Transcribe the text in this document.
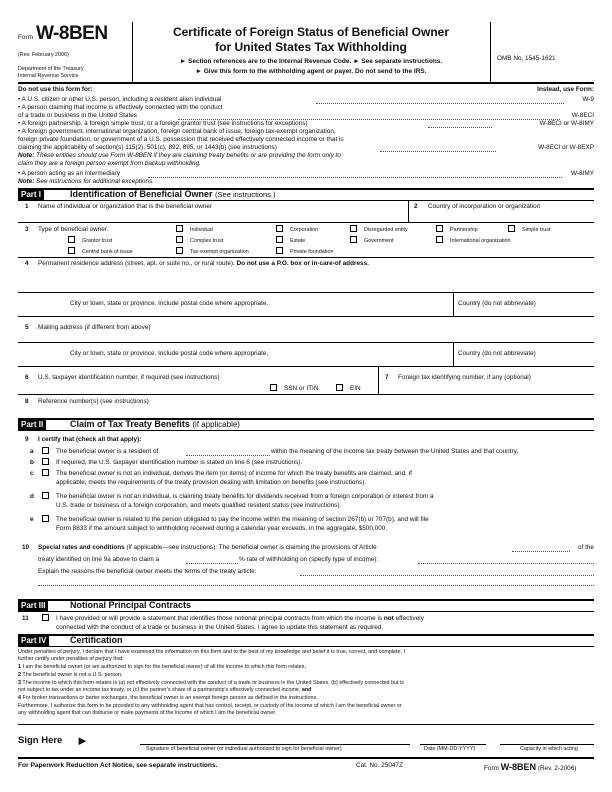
Form W-8BEN
(Rev. February 2006)
Department of the Treasury
Internal Revenue Service
Certificate of Foreign Status of Beneficial Owner
for United States Tax Withholding
► Section references are to the Internal Revenue Code. ► See separate instructions.
► Give this form to the withholding agent or payer. Do not send to the IRS.
OMB No. 1545-1621
Do not use this form for:	Instead, use Form:
• A U.S. citizen or other U.S. person, including a resident alien individual	W-9
• A person claiming that income is effectively connected with the conduct
of a trade or business in the United States	W-8ECI
• A foreign partnership, a foreign simple trust, or a foreign grantor trust (see instructions for exceptions)	W-8ECI or W-8IMY
• A foreign government, international organization, foreign central bank of issue, foreign tax-exempt organization,
foreign private foundation, or government of a U.S. possession that received effectively connected income or that is
claiming the applicability of section(s) 115(2), 501(c), 892, 895, or 1443(b) (see instructions)	W-8ECI or W-8EXP
Note: These entities should use Form W-8BEN if they are claiming treaty benefits or are providing the form only to
claim they are a foreign person exempt from backup withholding.
• A person acting as an intermediary	W-8IMY
Note: See instructions for additional exceptions.
Part I	Identification of Beneficial Owner (See instructions.)
1 Name of individual or organization that is the beneficial owner	2 Country of incorporation or organization
3 Type of beneficial owner:	Individual	Corporation	Disregarded entity	Partnership	Simple trust
Grantor trust	Complex trust	Estate	Government	International organization
Central bank of issue	Tax-exempt organization	Private foundation
4 Permanent residence address (street, apt. or suite no., or rural route). Do not use a P.O. box or in-care-of address.
City or town, state or province. Include postal code where appropriate.	Country (do not abbreviate)
5 Mailing address (if different from above)
City or town, state or province. Include postal code where appropriate.	Country (do not abbreviate)
6 U.S. taxpayer identification number, if required (see instructions)
SSN or ITIN	EIN
7 Foreign tax identifying number, if any (optional)
8 Reference number(s) (see instructions)
Part II	Claim of Tax Treaty Benefits (if applicable)
9 I certify that (check all that apply):
a	The beneficial owner is a resident of	within the meaning of the income tax treaty between the United States and that country.
b	If required, the U.S. taxpayer identification number is stated on line 6 (see instructions).
c	The beneficial owner is not an individual, derives the item (or items) of income for which the treaty benefits are claimed, and, if
applicable, meets the requirements of the treaty provision dealing with limitation on benefits (see instructions).
d	The beneficial owner is not an individual, is claiming treaty benefits for dividends received from a foreign corporation or interest from a
U.S. trade or business of a foreign corporation, and meets qualified resident status (see instructions).
e	The beneficial owner is related to the person obligated to pay the income within the meaning of section 267(b) or 707(b), and will file
Form 8833 if the amount subject to withholding received during a calendar year exceeds, in the aggregate, $500,000.
10 Special rates and conditions (if applicable—see instructions): The beneficial owner is claiming the provisions of Article	of the
treaty identified on line 9a above to claim a	% rate of withholding on (specify type of income):
Explain the reasons the beneficial owner meets the terms of the treaty article:
Part III	Notional Principal Contracts
11	I have provided or will provide a statement that identifies those notional principal contracts from which the income is not effectively
connected with the conduct of a trade or business in the United States. I agree to update this statement as required.
Part IV	Certification
Under penalties of perjury, I declare that I have examined the information on this form and to the best of my knowledge and belief it is true, correct, and complete. I
further certify under penalties of perjury that:
1 I am the beneficial owner (or am authorized to sign for the beneficial owner) of all the income to which this form relates,
2 The beneficial owner is not a U.S. person,
3 The income to which this form relates is (a) not effectively connected with the conduct of a trade or business in the United States, (b) effectively connected but is
not subject to tax under an income tax treaty, or (c) the partner's share of a partnership's effectively connected income, and
4 For broker transactions or barter exchanges, the beneficial owner is an exempt foreign person as defined in the instructions.
Furthermore, I authorize this form to be provided to any withholding agent that has control, receipt, or custody of the income of which I am the beneficial owner or
any withholding agent that can disburse or make payments of the income of which I am the beneficial owner.
Sign Here ►
Signature of beneficial owner (or individual authorized to sign for beneficial owner)	Date (MM-DD-YYYY)	Capacity in which acting
For Paperwork Reduction Act Notice, see separate instructions.	Cat. No. 25047Z	Form W-8BEN (Rev. 2-2006)
